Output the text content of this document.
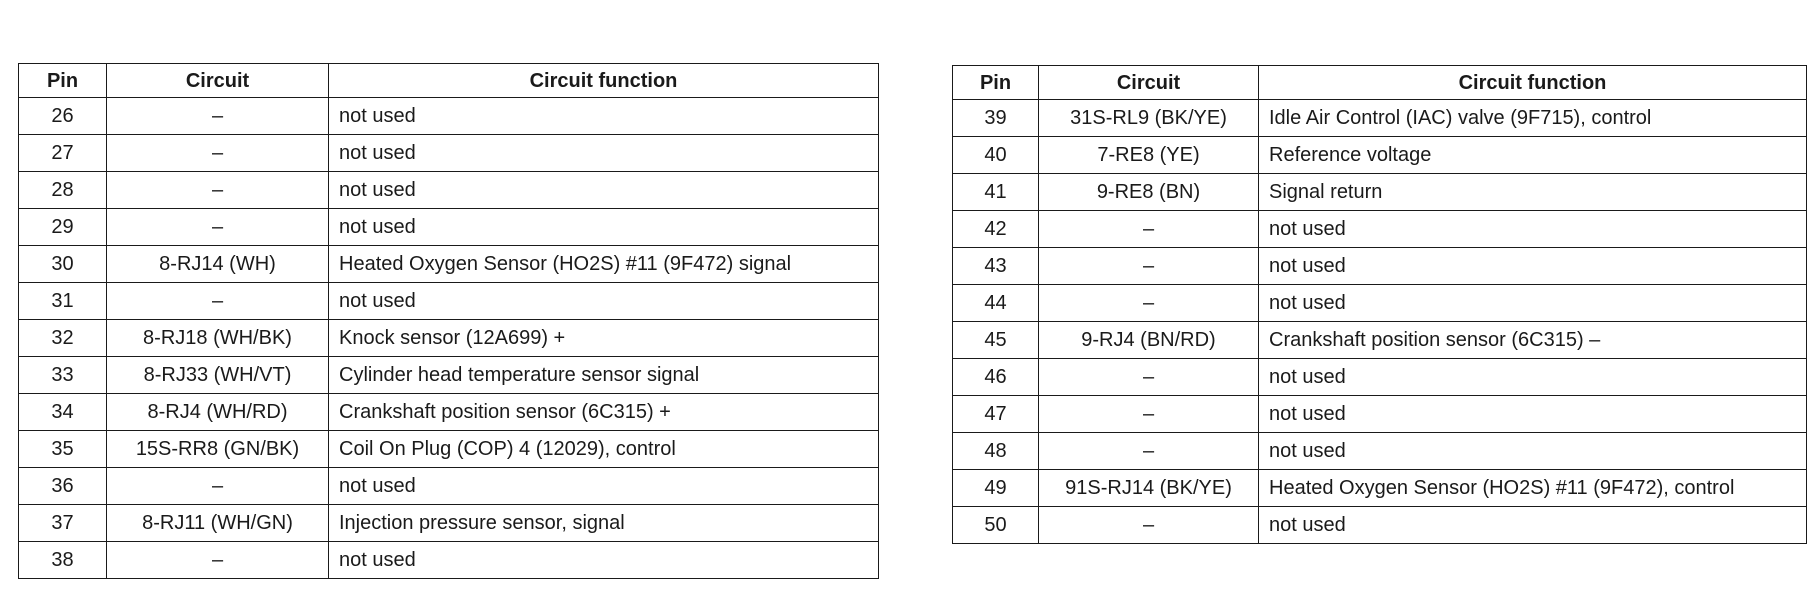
Pin	Circuit	Circuit function
26	–	not used
27	–	not used
28	–	not used
29	–	not used
30	8-RJ14 (WH)	Heated Oxygen Sensor (HO2S) #11 (9F472) signal
31	–	not used
32	8-RJ18 (WH/BK)	Knock sensor (12A699) +
33	8-RJ33 (WH/VT)	Cylinder head temperature sensor signal
34	8-RJ4 (WH/RD)	Crankshaft position sensor (6C315) +
35	15S-RR8 (GN/BK)	Coil On Plug (COP) 4 (12029), control
36	–	not used
37	8-RJ11 (WH/GN)	Injection pressure sensor, signal
38	–	not used
Pin	Circuit	Circuit function
39	31S-RL9 (BK/YE)	Idle Air Control (IAC) valve (9F715), control
40	7-RE8 (YE)	Reference voltage
41	9-RE8 (BN)	Signal return
42	–	not used
43	–	not used
44	–	not used
45	9-RJ4 (BN/RD)	Crankshaft position sensor (6C315) –
46	–	not used
47	–	not used
48	–	not used
49	91S-RJ14 (BK/YE)	Heated Oxygen Sensor (HO2S) #11 (9F472), control
50	–	not used
